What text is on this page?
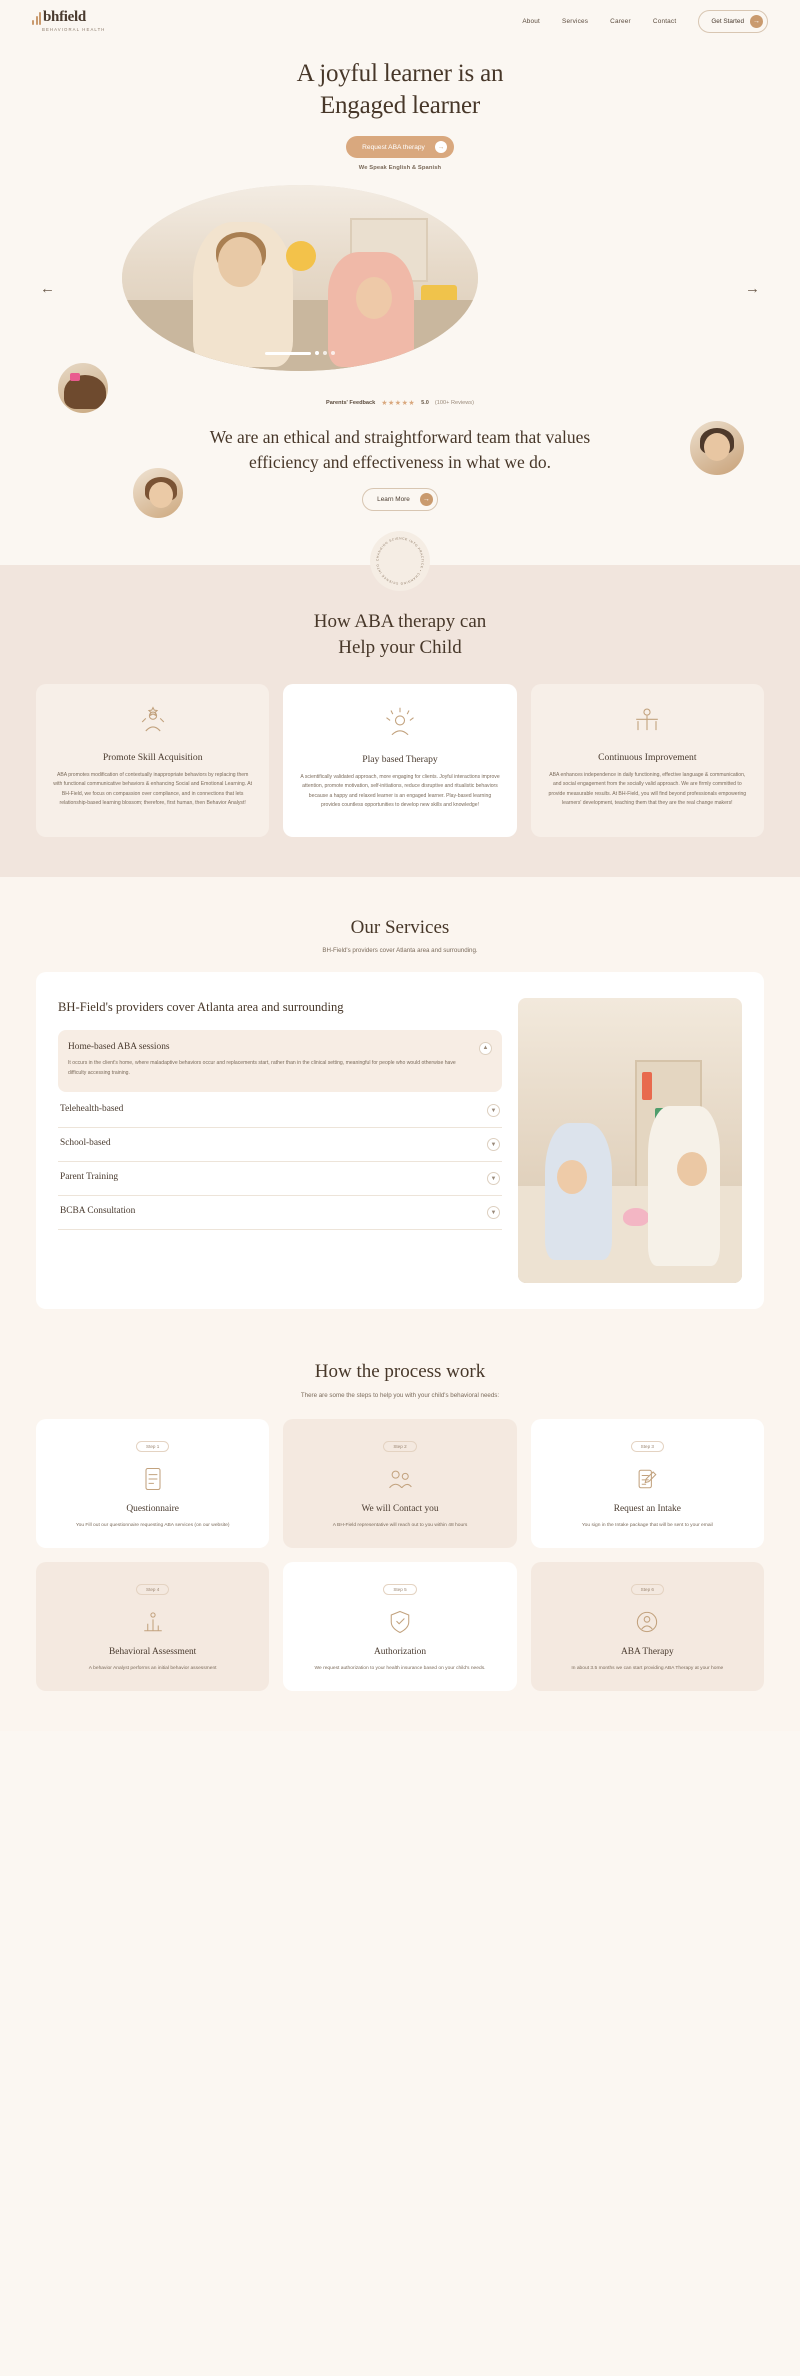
bhfield
BEHAVIORAL HEALTH
About	Services	Career	Contact	Get Started	→
A joyful learner is an
Engaged learner
Request ABA therapy	→
We Speak English & Spanish
←	→
Parents' Feedback ★★★★★ 5.0 (100+ Reviews)
We are an ethical and straightforward team that values efficiency and effectiveness in what we do.
Learn More	→
CHANGING SCIENCE INTO PRACTICE • CHANGING SCIENCE INTO
How ABA therapy can
Help your Child
Promote Skill Acquisition

ABA promotes modification of contextually inappropriate behaviors by replacing them with functional communicative behaviors & enhancing Social and Emotional Learning. At BH-Field, we focus on compassion over compliance, and in connections that lets relationship-based learning blossom; therefore, first human, then Behavior Analyst!

Play based Therapy

A scientifically validated approach, more engaging for clients. Joyful interactions improve attention, promote motivation, self-initiations, reduce disruptive and ritualistic behaviors because a happy and relaxed learner is an engaged learner. Play-based learning provides countless opportunities to develop new skills and knowledge!

Continuous Improvement

ABA enhances independence in daily functioning, effective language & communication, and social engagement from the socially valid approach. We are firmly committed to provide measurable results. At BH-Field, you will find beyond professionals empowering learners' development, teaching them that they are the real change makers!

Our Services
BH-Field's providers cover Atlanta area and surrounding.
BH-Field's providers cover Atlanta area and surrounding
Home-based ABA sessions
It occurs in the client's home, where maladaptive behaviors occur and replacements start, rather than in the clinical setting, meaningful for people who would otherwise have difficulty accessing training.
▲
Telehealth-based	▼
School-based	▼
Parent Training	▼
BCBA Consultation	▼
How the process work
There are some the steps to help you with your child's behavioral needs:
Step 1
Questionnaire

You Fill out our questionnaire requesting ABA services (on our website)

Step 2
We will Contact you

A BH-Field representative will reach out to you within 48 hours

Step 3
Request an Intake

You sign in the Intake package that will be sent to your email

Step 4
Behavioral Assessment

A behavior Analyst performs an initial behavior assessment

Step 5
Authorization

We request authorization to your health insurance based on your child's needs.

Step 6
ABA Therapy

In about 3.5 months we can start providing ABA Therapy at your home
